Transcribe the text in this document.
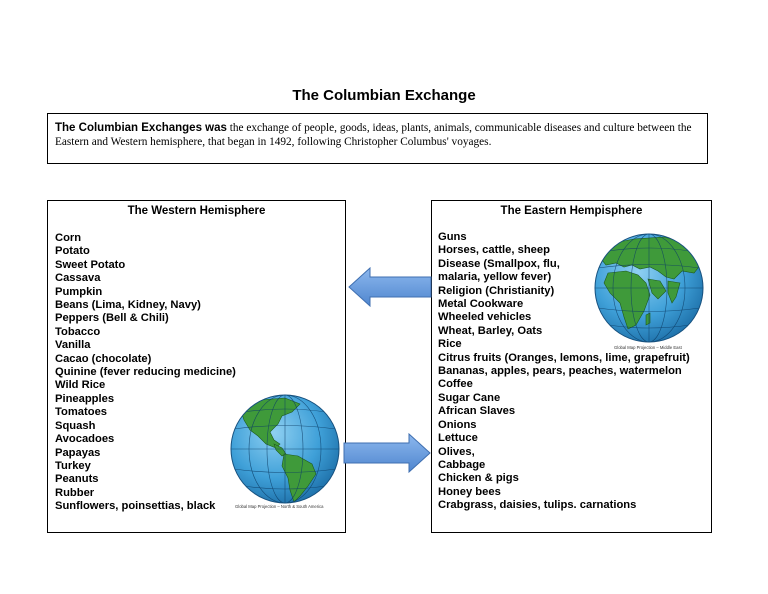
The Columbian Exchange
The Columbian Exchanges was the exchange of people, goods, ideas, plants, animals, communicable diseases and culture between the Eastern and Western hemisphere, that began in 1492, following Christopher Columbus' voyages.
The Western Hemisphere
Corn
Potato
Sweet Potato
Cassava
Pumpkin
Beans (Lima, Kidney, Navy)
Peppers (Bell & Chili)
Tobacco
Vanilla
Cacao (chocolate)
Quinine (fever reducing medicine)
Wild Rice
Pineapples
Tomatoes
Squash
Avocadoes
Papayas
Turkey
Peanuts
Rubber
Sunflowers, poinsettias, black	Global Map Projection – North & South America
The Eastern Hempisphere
Guns
Horses, cattle, sheep
Disease (Smallpox, flu,
malaria, yellow fever)
Religion (Christianity)
Metal Cookware
Wheeled vehicles
Wheat, Barley, Oats
Rice
Citrus fruits (Oranges, lemons, lime, grapefruit)
Bananas, apples, pears, peaches, watermelon
Coffee
Sugar Cane
African Slaves
Onions
Lettuce
Olives,
Cabbage
Chicken & pigs
Honey bees
Crabgrass, daisies, tulips. carnations
Global Map Projection – Middle East
